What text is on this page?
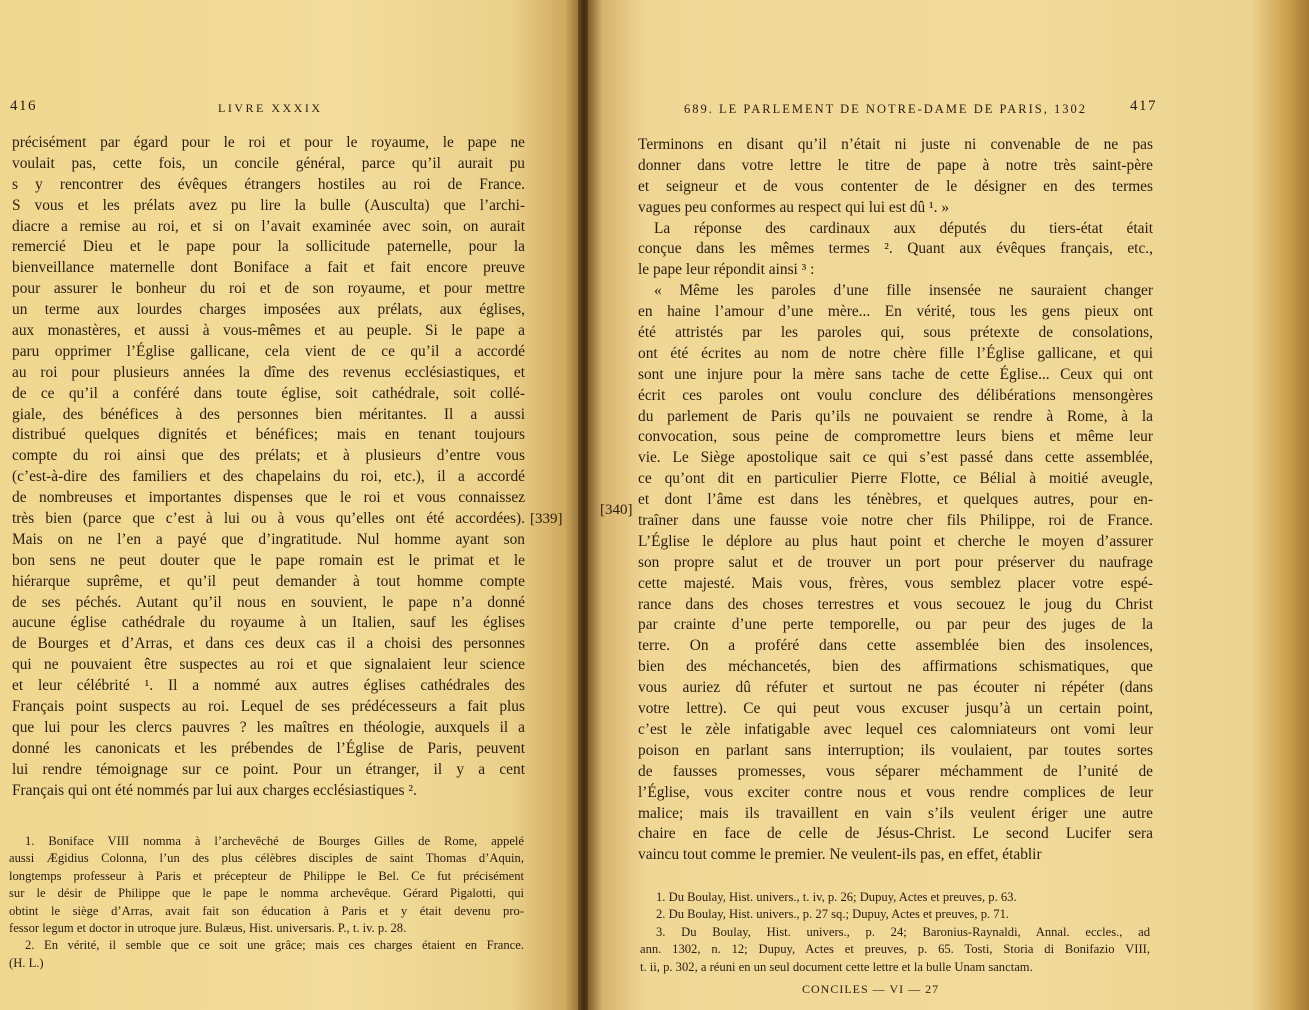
416	LIVRE XXXIX
précisément par égard pour le roi et pour le royaume, le pape ne
voulait pas, cette fois, un concile général, parce qu’il aurait pu
s y rencontrer des évêques étrangers hostiles au roi de France.
S vous et les prélats avez pu lire la bulle (Ausculta) que l’archi-
diacre a remise au roi, et si on l’avait examinée avec soin, on aurait
remercié Dieu et le pape pour la sollicitude paternelle, pour la
bienveillance maternelle dont Boniface a fait et fait encore preuve
pour assurer le bonheur du roi et de son royaume, et pour mettre
un terme aux lourdes charges imposées aux prélats, aux églises,
aux monastères, et aussi à vous-mêmes et au peuple. Si le pape a
paru opprimer l’Église gallicane, cela vient de ce qu’il a accordé
au roi pour plusieurs années la dîme des revenus ecclésiastiques, et
de ce qu’il a conféré dans toute église, soit cathédrale, soit collé-
giale, des bénéfices à des personnes bien méritantes. Il a aussi
distribué quelques dignités et bénéfices; mais en tenant toujours
compte du roi ainsi que des prélats; et à plusieurs d’entre vous
(c’est-à-dire des familiers et des chapelains du roi, etc.), il a accordé
de nombreuses et importantes dispenses que le roi et vous connaissez
très bien (parce que c’est à lui ou à vous qu’elles ont été accordées).
Mais on ne l’en a payé que d’ingratitude. Nul homme ayant son
bon sens ne peut douter que le pape romain est le primat et le
hiérarque suprême, et qu’il peut demander à tout homme compte
de ses péchés. Autant qu’il nous en souvient, le pape n’a donné
aucune église cathédrale du royaume à un Italien, sauf les églises
de Bourges et d’Arras, et dans ces deux cas il a choisi des personnes
qui ne pouvaient être suspectes au roi et que signalaient leur science
et leur célébrité ¹. Il a nommé aux autres églises cathédrales des
Français point suspects au roi. Lequel de ses prédécesseurs a fait plus
que lui pour les clercs pauvres ? les maîtres en théologie, auxquels il a
donné les canonicats et les prébendes de l’Église de Paris, peuvent
lui rendre témoignage sur ce point. Pour un étranger, il y a cent
Français qui ont été nommés par lui aux charges ecclésiastiques ².
1. Boniface VIII nomma à l’archevêché de Bourges Gilles de Rome, appelé
aussi Ægidius Colonna, l’un des plus célèbres disciples de saint Thomas d’Aquin,
longtemps professeur à Paris et précepteur de Philippe le Bel. Ce fut précisément
sur le désir de Philippe que le pape le nomma archevêque. Gérard Pigalotti, qui
obtint le siège d’Arras, avait fait son éducation à Paris et y était devenu pro-
fessor legum et doctor in utroque jure. Bulæus, Hist. universaris. P., t. iv. p. 28.
2. En vérité, il semble que ce soit une grâce; mais ces charges étaient en France.
(H. L.)
[339]
689. LE PARLEMENT DE NOTRE-DAME DE PARIS, 1302	417
[340]
Terminons en disant qu’il n’était ni juste ni convenable de ne pas
donner dans votre lettre le titre de pape à notre très saint-père
et seigneur et de vous contenter de le désigner en des termes
vagues peu conformes au respect qui lui est dû ¹. »
La réponse des cardinaux aux députés du tiers-état était
conçue dans les mêmes termes ². Quant aux évêques français, etc.,
le pape leur répondit ainsi ³ :
« Même les paroles d’une fille insensée ne sauraient changer
en haine l’amour d’une mère... En vérité, tous les gens pieux ont
été attristés par les paroles qui, sous prétexte de consolations,
ont été écrites au nom de notre chère fille l’Église gallicane, et qui
sont une injure pour la mère sans tache de cette Église... Ceux qui ont
écrit ces paroles ont voulu conclure des délibérations mensongères
du parlement de Paris qu’ils ne pouvaient se rendre à Rome, à la
convocation, sous peine de compromettre leurs biens et même leur
vie. Le Siège apostolique sait ce qui s’est passé dans cette assemblée,
ce qu’ont dit en particulier Pierre Flotte, ce Bélial à moitié aveugle,
et dont l’âme est dans les ténèbres, et quelques autres, pour en-
traîner dans une fausse voie notre cher fils Philippe, roi de France.
L’Église le déplore au plus haut point et cherche le moyen d’assurer
son propre salut et de trouver un port pour préserver du naufrage
cette majesté. Mais vous, frères, vous semblez placer votre espé-
rance dans des choses terrestres et vous secouez le joug du Christ
par crainte d’une perte temporelle, ou par peur des juges de la
terre. On a proféré dans cette assemblée bien des insolences,
bien des méchancetés, bien des affirmations schismatiques, que
vous auriez dû réfuter et surtout ne pas écouter ni répéter (dans
votre lettre). Ce qui peut vous excuser jusqu’à un certain point,
c’est le zèle infatigable avec lequel ces calomniateurs ont vomi leur
poison en parlant sans interruption; ils voulaient, par toutes sortes
de fausses promesses, vous séparer méchamment de l’unité de
l’Église, vous exciter contre nous et vous rendre complices de leur
malice; mais ils travaillent en vain s’ils veulent ériger une autre
chaire en face de celle de Jésus-Christ. Le second Lucifer sera
vaincu tout comme le premier. Ne veulent-ils pas, en effet, établir
1. Du Boulay, Hist. univers., t. iv, p. 26; Dupuy, Actes et preuves, p. 63.
2. Du Boulay, Hist. univers., p. 27 sq.; Dupuy, Actes et preuves, p. 71.
3. Du Boulay, Hist. univers., p. 24; Baronius-Raynaldi, Annal. eccles., ad
ann. 1302, n. 12; Dupuy, Actes et preuves, p. 65. Tosti, Storia di Bonifazio VIII,
t. ii, p. 302, a réuni en un seul document cette lettre et la bulle Unam sanctam.
CONCILES — VI — 27
